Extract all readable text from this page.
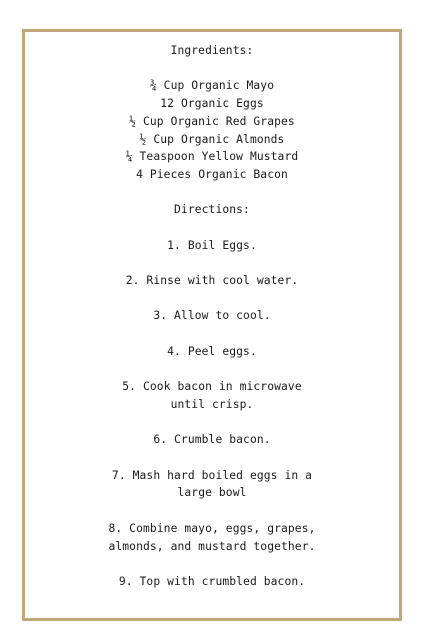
Ingredients:
¾ Cup Organic Mayo
12 Organic Eggs
½ Cup Organic Red Grapes
½ Cup Organic Almonds
¼ Teaspoon Yellow Mustard
4 Pieces Organic Bacon
Directions:
1. Boil Eggs.
2. Rinse with cool water.
3. Allow to cool.
4. Peel eggs.
5. Cook bacon in microwave until crisp.
6. Crumble bacon.
7. Mash hard boiled eggs in a large bowl
8. Combine mayo, eggs, grapes, almonds, and mustard together.
9. Top with crumbled bacon.
